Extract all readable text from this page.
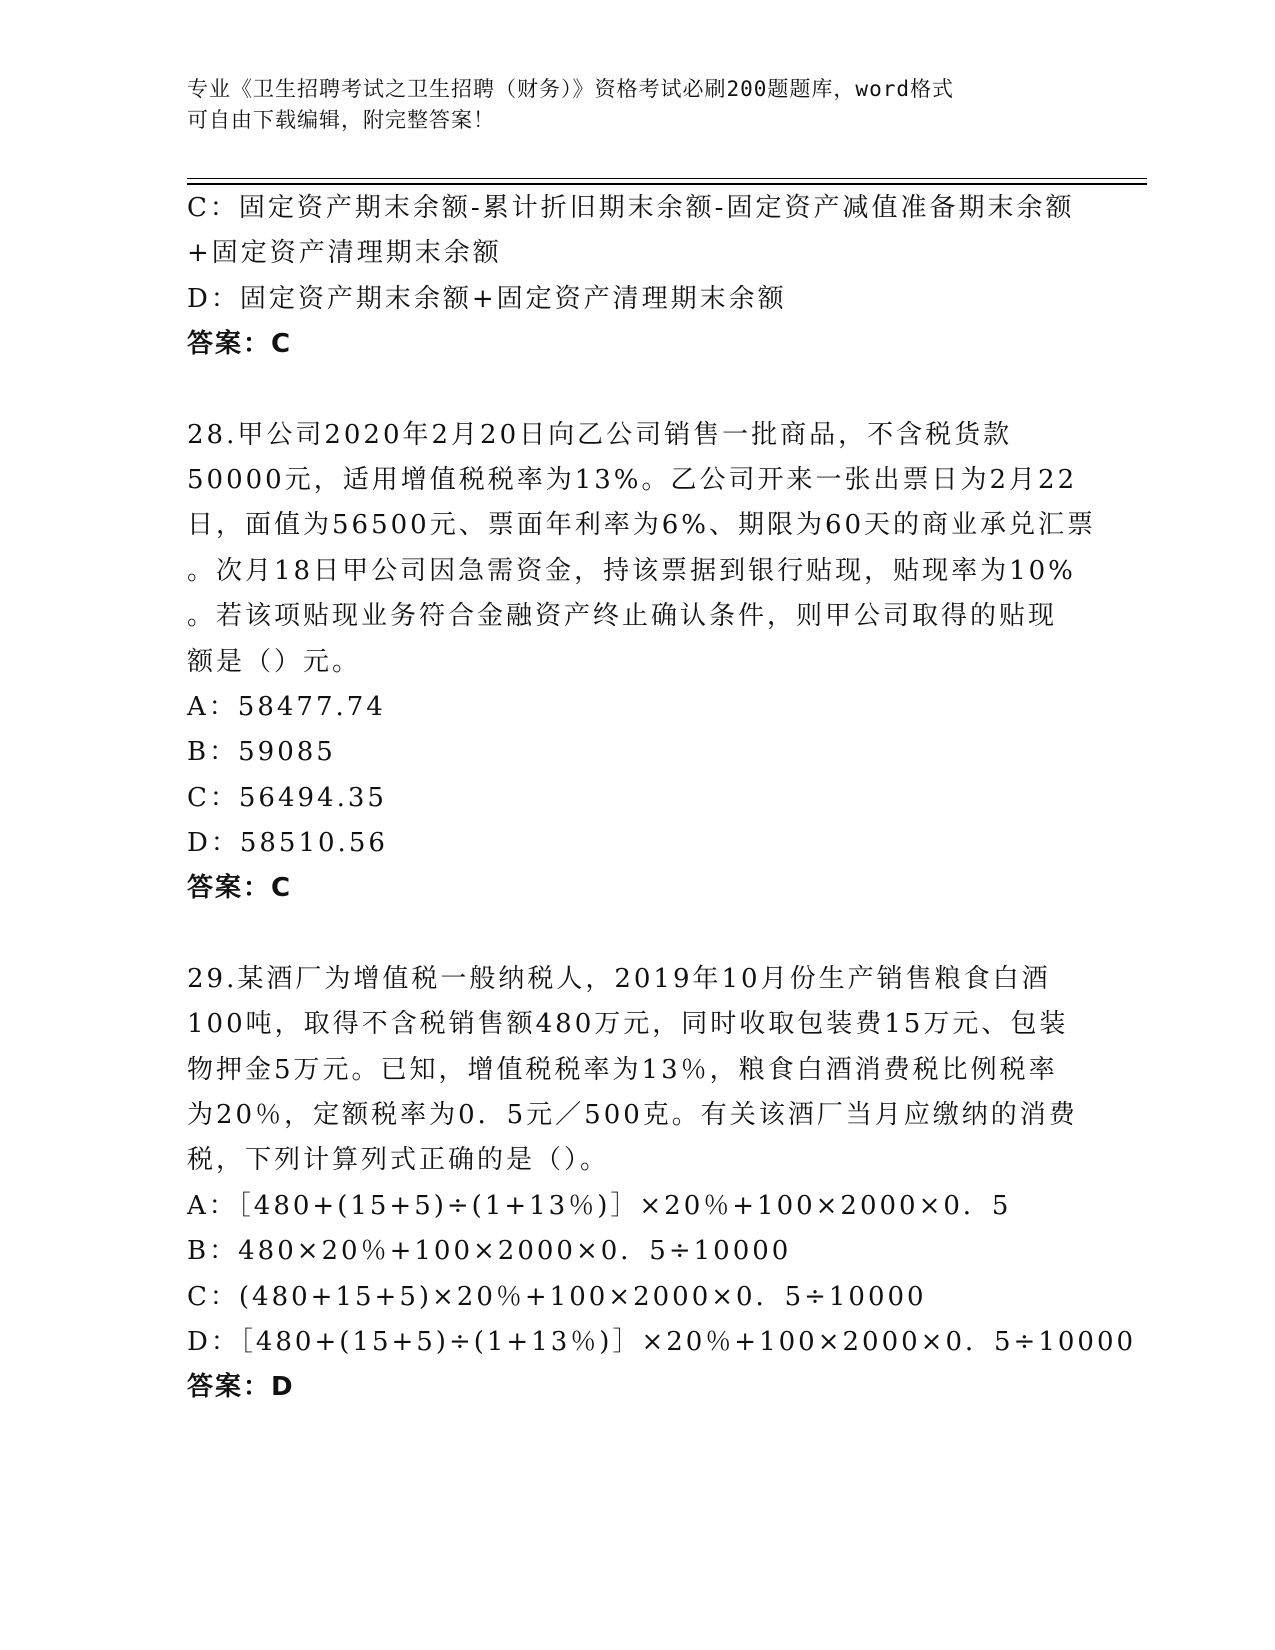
专业《卫生招聘考试之卫生招聘（财务）》资格考试必刷200题题库，word格式
可自由下载编辑，附完整答案！
C：固定资产期末余额-累计折旧期末余额-固定资产减值准备期末余额
+固定资产清理期末余额
D：固定资产期末余额+固定资产清理期末余额
答案：C
28.甲公司2020年2月20日向乙公司销售一批商品，不含税货款
50000元，适用增值税税率为13%。乙公司开来一张出票日为2月22
日，面值为56500元、票面年利率为6%、期限为60天的商业承兑汇票
。次月18日甲公司因急需资金，持该票据到银行贴现，贴现率为10%
。若该项贴现业务符合金融资产终止确认条件，则甲公司取得的贴现
额是（）元。
A：58477.74
B：59085
C：56494.35
D：58510.56
答案：C
29.某酒厂为增值税一般纳税人，2019年10月份生产销售粮食白酒
100吨，取得不含税销售额480万元，同时收取包装费15万元、包装
物押金5万元。已知，增值税税率为13％，粮食白酒消费税比例税率
为20％，定额税率为0．5元／500克。有关该酒厂当月应缴纳的消费
税，下列计算列式正确的是（）。
A：［480+(15+5)÷(1+13％)］×20％+100×2000×0．5
B：480×20％+100×2000×0．5÷10000
C：(480+15+5)×20％+100×2000×0．5÷10000
D：［480+(15+5)÷(1+13％)］×20％+100×2000×0．5÷10000
答案：D
